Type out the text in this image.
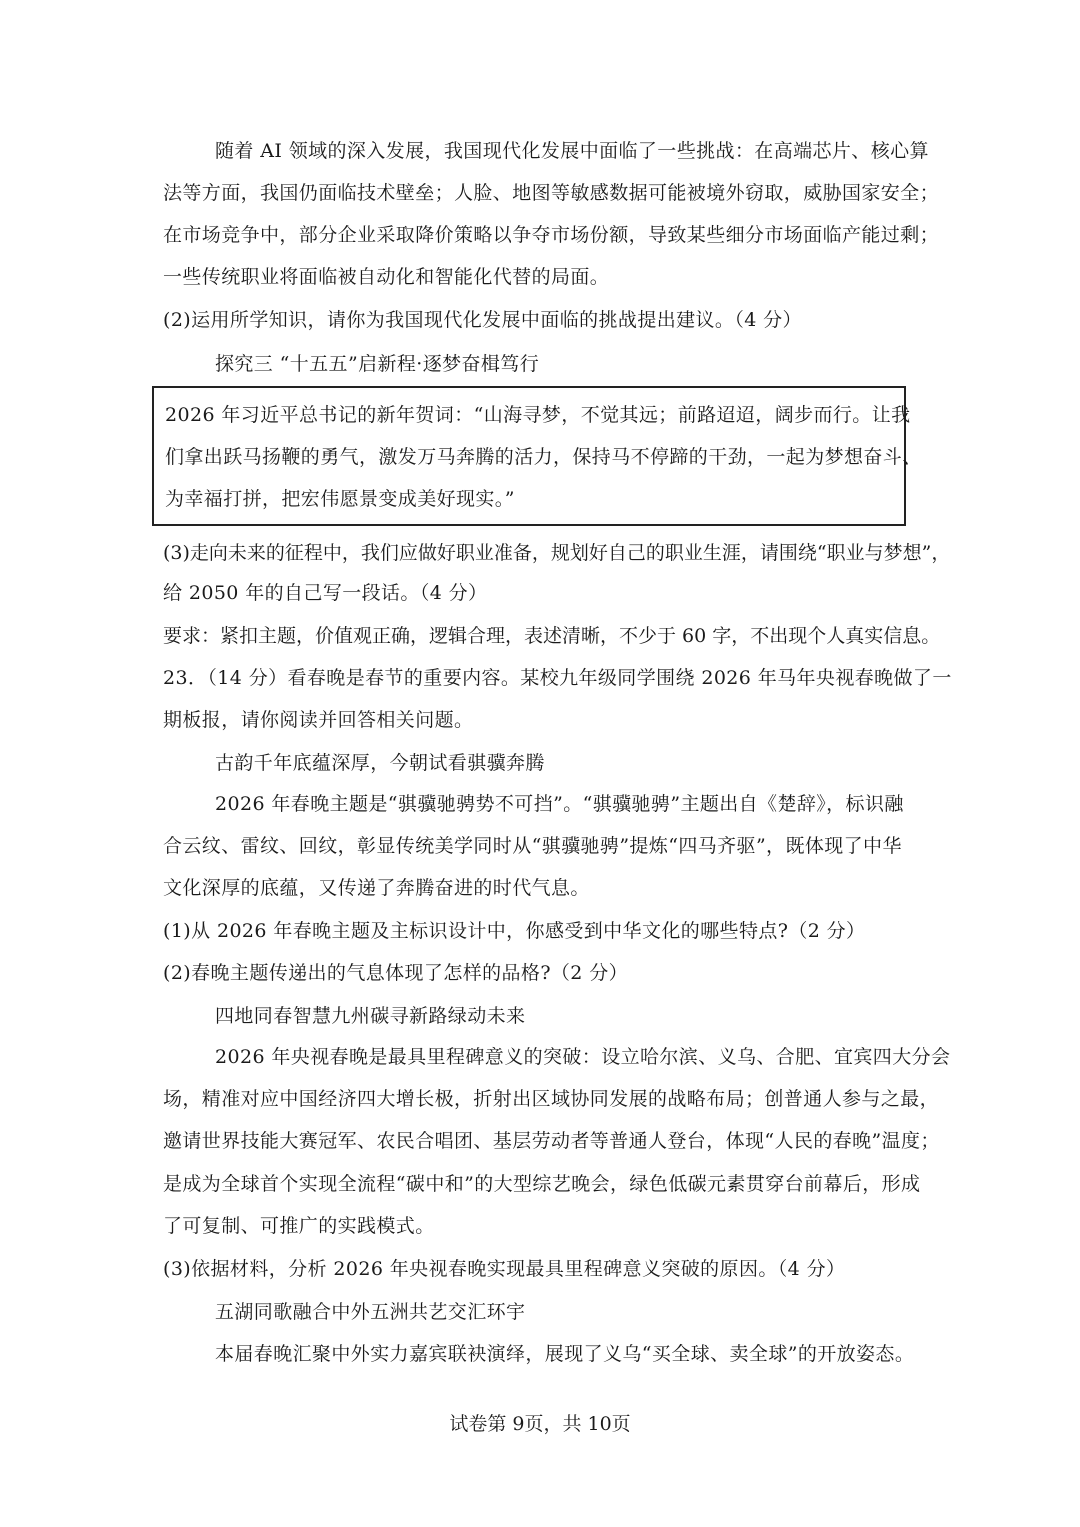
随着 AI 领域的深入发展，我国现代化发展中面临了一些挑战：在高端芯片、核心算
法等方面，我国仍面临技术壁垒；人脸、地图等敏感数据可能被境外窃取，威胁国家安全；
在市场竞争中，部分企业采取降价策略以争夺市场份额，导致某些细分市场面临产能过剩；
一些传统职业将面临被自动化和智能化代替的局面。
(2)运用所学知识，请你为我国现代化发展中面临的挑战提出建议。（4 分）
探究三 “十五五”启新程·逐梦奋楫笃行
2026 年习近平总书记的新年贺词：“山海寻梦，不觉其远；前路迢迢，阔步而行。让我
们拿出跃马扬鞭的勇气，激发万马奔腾的活力，保持马不停蹄的干劲，一起为梦想奋斗、
为幸福打拼，把宏伟愿景变成美好现实。”
(3)走向未来的征程中，我们应做好职业准备，规划好自己的职业生涯，请围绕“职业与梦想”，
给 2050 年的自己写一段话。（4 分）
要求：紧扣主题，价值观正确，逻辑合理，表述清晰，不少于 60 字，不出现个人真实信息。
23．（14 分）看春晚是春节的重要内容。某校九年级同学围绕 2026 年马年央视春晚做了一
期板报，请你阅读并回答相关问题。
古韵千年底蕴深厚，今朝试看骐骥奔腾
2026 年春晚主题是“骐骥驰骋势不可挡”。“骐骥驰骋”主题出自《楚辞》，标识融
合云纹、雷纹、回纹，彰显传统美学同时从“骐骥驰骋”提炼“四马齐驱”，既体现了中华
文化深厚的底蕴，又传递了奔腾奋进的时代气息。
(1)从 2026 年春晚主题及主标识设计中，你感受到中华文化的哪些特点?（2 分）
(2)春晚主题传递出的气息体现了怎样的品格?（2 分）
四地同春智慧九州碳寻新路绿动未来
2026 年央视春晚是最具里程碑意义的突破：设立哈尔滨、义乌、合肥、宜宾四大分会
场，精准对应中国经济四大增长极，折射出区域协同发展的战略布局；创普通人参与之最，
邀请世界技能大赛冠军、农民合唱团、基层劳动者等普通人登台，体现“人民的春晚”温度；
是成为全球首个实现全流程“碳中和”的大型综艺晚会，绿色低碳元素贯穿台前幕后，形成
了可复制、可推广的实践模式。
(3)依据材料，分析 2026 年央视春晚实现最具里程碑意义突破的原因。（4 分）
五湖同歌融合中外五洲共艺交汇环宇
本届春晚汇聚中外实力嘉宾联袂演绎，展现了义乌“买全球、卖全球”的开放姿态。
试卷第 9页，共 10页
